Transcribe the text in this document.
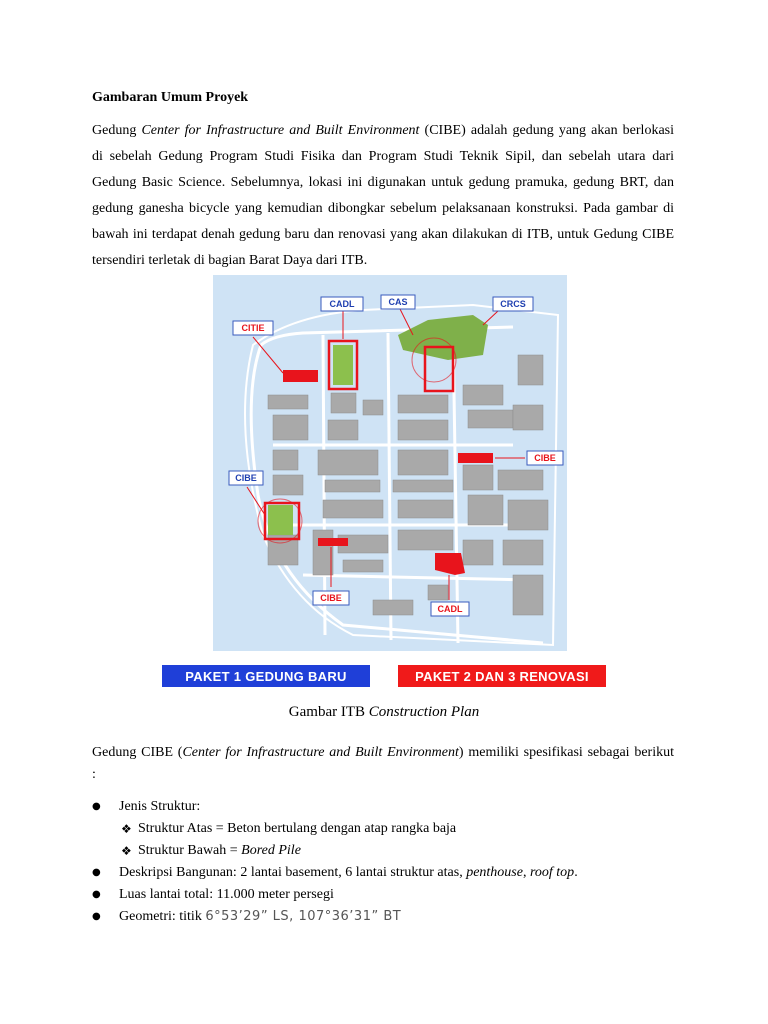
Gambaran Umum Proyek
Gedung Center for Infrastructure and Built Environment (CIBE) adalah gedung yang akan berlokasi
di sebelah Gedung Program Studi Fisika dan Program Studi Teknik Sipil, dan sebelah utara dari
Gedung Basic Science. Sebelumnya, lokasi ini digunakan untuk gedung pramuka, gedung BRT, dan
gedung ganesha bicycle yang kemudian dibongkar sebelum pelaksanaan konstruksi. Pada gambar di
bawah ini terdapat denah gedung baru dan renovasi yang akan dilakukan di ITB, untuk Gedung CIBE
tersendiri terletak di bagian Barat Daya dari ITB.
CADL	CAS	CRCS
CITIE
CIBE
CIBE
CIBE
CADL
PAKET 1 GEDUNG BARU	PAKET 2 DAN 3 RENOVASI
Gambar ITB Construction Plan
Gedung CIBE (Center for Infrastructure and Built Environment) memiliki spesifikasi sebagai berikut
:
● Jenis Struktur:
❖ Struktur Atas = Beton bertulang dengan atap rangka baja
❖ Struktur Bawah = Bored Pile
● Deskripsi Bangunan: 2 lantai basement, 6 lantai struktur atas, penthouse, roof top.
● Luas lantai total: 11.000 meter persegi
● Geometri: titik 6°53’29” LS, 107°36’31” BT
